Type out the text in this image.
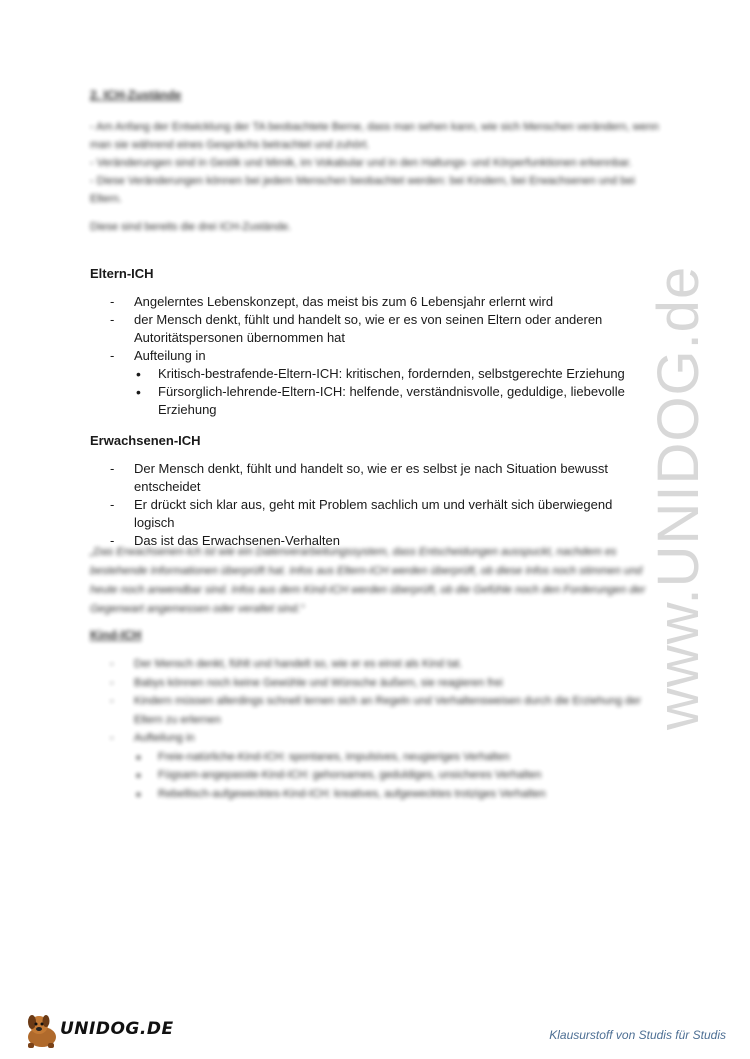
2. ICH-Zustände

- Am Anfang der Entwicklung der TA beobachtete Berne, dass man sehen kann, wie sich Menschen verändern, wenn man sie während eines Gesprächs betrachtet und zuhört.

- Veränderungen sind in Gestik und Mimik, im Vokabular und in den Haltungs- und Körperfunktionen erkennbar.

- Diese Veränderungen können bei jedem Menschen beobachtet werden: bei Kindern, bei Erwachsenen und bei Eltern.

Diese sind bereits die drei ICH-Zustände.

Eltern-ICH
- Angelerntes Lebenskonzept, das meist bis zum 6 Lebensjahr erlernt wird
- der Mensch denkt, fühlt und handelt so, wie er es von seinen Eltern oder anderen Autoritätspersonen übernommen hat
- Aufteilung in
• Kritisch-bestrafende-Eltern-ICH: kritischen, fordernden, selbstgerechte Erziehung
• Fürsorglich-lehrende-Eltern-ICH: helfende, verständnisvolle, geduldige, liebevolle Erziehung
Erwachsenen-ICH
- Der Mensch denkt, fühlt und handelt so, wie er es selbst je nach Situation bewusst entscheidet
- Er drückt sich klar aus, geht mit Problem sachlich um und verhält sich überwiegend logisch
- Das ist das Erwachsenen-Verhalten
„Das Erwachsenen-Ich ist wie ein Datenverarbeitungssystem, dass Entscheidungen ausspuckt, nachdem es bestehende Informationen überprüft hat. Infos aus Eltern-ICH werden überprüft, ob diese Infos noch stimmen und heute noch anwendbar sind. Infos aus dem Kind-ICH werden überprüft, ob die Gefühle noch den Forderungen der Gegenwart angemessen oder veraltet sind.“
Kind-ICH
- Der Mensch denkt, fühlt und handelt so, wie er es einst als Kind tat.
- Babys können noch keine Gewühle und Wünsche äußern, sie reagieren frei
- Kindern müssen allerdings schnell lernen sich an Regeln und Verhaltensweisen durch die Erziehung der Eltern zu erlernen
- Aufteilung in
• Freie-natürliche-Kind-ICH: spontanes, impulsives, neugieriges Verhalten
• Fügsam-angepasste-Kind-ICH: gehorsames, geduldiges, unsicheres Verhalten
• Rebellisch-aufgewecktes-Kind-ICH: kreatives, aufgewecktes trotziges Verhalten
www.UNIDOG.de
UNIDOG.DE	Klausurstoff von Studis für Studis
